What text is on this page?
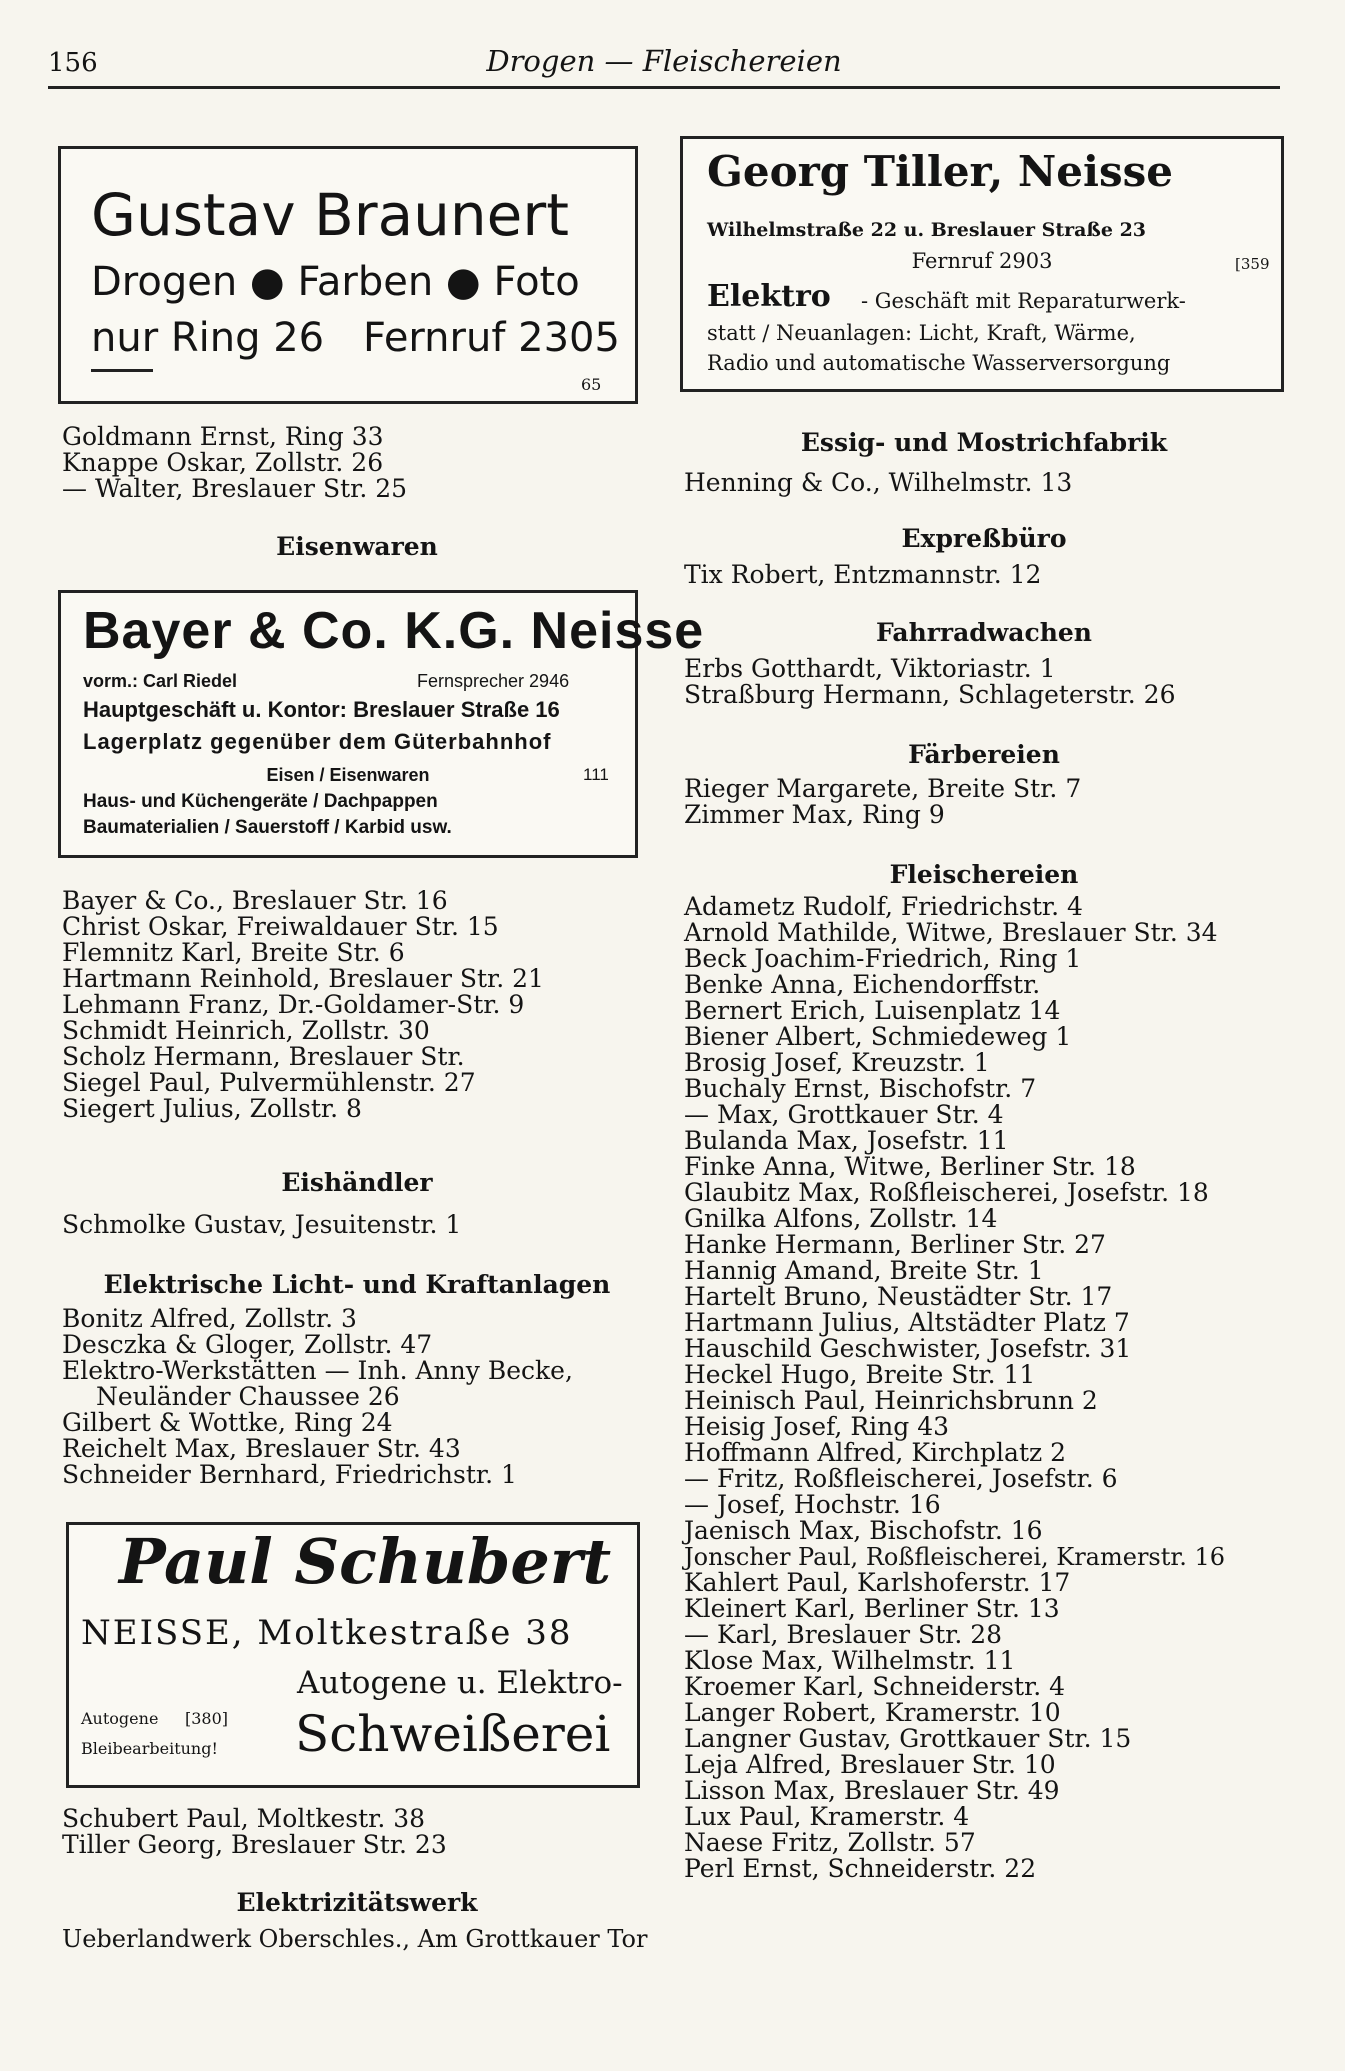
156	Drogen — Fleischereien
Gustav Braunert
Drogen ● Farben ● Foto
nur Ring 26 Fernruf 2305
65
Goldmann Ernst, Ring 33
Knappe Oskar, Zollstr. 26
— Walter, Breslauer Str. 25
Eisenwaren
Bayer & Co. K.G. Neisse
vorm.: Carl Riedel	Fernsprecher 2946
Hauptgeschäft u. Kontor: Breslauer Straße 16
Lagerplatz gegenüber dem Güterbahnhof
Eisen / Eisenwaren	111
Haus- und Küchengeräte / Dachpappen
Baumaterialien / Sauerstoff / Karbid usw.
Bayer & Co., Breslauer Str. 16
Christ Oskar, Freiwaldauer Str. 15
Flemnitz Karl, Breite Str. 6
Hartmann Reinhold, Breslauer Str. 21
Lehmann Franz, Dr.-Goldamer-Str. 9
Schmidt Heinrich, Zollstr. 30
Scholz Hermann, Breslauer Str.
Siegel Paul, Pulvermühlenstr. 27
Siegert Julius, Zollstr. 8
Eishändler
Schmolke Gustav, Jesuitenstr. 1
Elektrische Licht- und Kraftanlagen
Bonitz Alfred, Zollstr. 3
Desczka & Gloger, Zollstr. 47
Elektro-Werkstätten — Inh. Anny Becke,
Neuländer Chaussee 26
Gilbert & Wottke, Ring 24
Reichelt Max, Breslauer Str. 43
Schneider Bernhard, Friedrichstr. 1
Paul Schubert
NEISSE, Moltkestraße 38
Autogene u. Elektro-
Autogene [380]
Bleibearbeitung! Schweißerei
Schubert Paul, Moltkestr. 38
Tiller Georg, Breslauer Str. 23
Elektrizitätswerk
Ueberlandwerk Oberschles., Am Grottkauer Tor
Georg Tiller, Neisse
Wilhelmstraße 22 u. Breslauer Straße 23
Fernruf 2903	[359
Elektro - Geschäft mit Reparaturwerk-
statt / Neuanlagen: Licht, Kraft, Wärme,
Radio und automatische Wasserversorgung
Essig- und Mostrichfabrik
Henning & Co., Wilhelmstr. 13
Expreßbüro
Tix Robert, Entzmannstr. 12
Fahrradwachen
Erbs Gotthardt, Viktoriastr. 1
Straßburg Hermann, Schlageterstr. 26
Färbereien
Rieger Margarete, Breite Str. 7
Zimmer Max, Ring 9
Fleischereien
Adametz Rudolf, Friedrichstr. 4
Arnold Mathilde, Witwe, Breslauer Str. 34
Beck Joachim-Friedrich, Ring 1
Benke Anna, Eichendorffstr.
Bernert Erich, Luisenplatz 14
Biener Albert, Schmiedeweg 1
Brosig Josef, Kreuzstr. 1
Buchaly Ernst, Bischofstr. 7
— Max, Grottkauer Str. 4
Bulanda Max, Josefstr. 11
Finke Anna, Witwe, Berliner Str. 18
Glaubitz Max, Roßfleischerei, Josefstr. 18
Gnilka Alfons, Zollstr. 14
Hanke Hermann, Berliner Str. 27
Hannig Amand, Breite Str. 1
Hartelt Bruno, Neustädter Str. 17
Hartmann Julius, Altstädter Platz 7
Hauschild Geschwister, Josefstr. 31
Heckel Hugo, Breite Str. 11
Heinisch Paul, Heinrichsbrunn 2
Heisig Josef, Ring 43
Hoffmann Alfred, Kirchplatz 2
— Fritz, Roßfleischerei, Josefstr. 6
— Josef, Hochstr. 16
Jaenisch Max, Bischofstr. 16
Jonscher Paul, Roßfleischerei, Kramerstr. 16
Kahlert Paul, Karlshoferstr. 17
Kleinert Karl, Berliner Str. 13
— Karl, Breslauer Str. 28
Klose Max, Wilhelmstr. 11
Kroemer Karl, Schneiderstr. 4
Langer Robert, Kramerstr. 10
Langner Gustav, Grottkauer Str. 15
Leja Alfred, Breslauer Str. 10
Lisson Max, Breslauer Str. 49
Lux Paul, Kramerstr. 4
Naese Fritz, Zollstr. 57
Perl Ernst, Schneiderstr. 22
